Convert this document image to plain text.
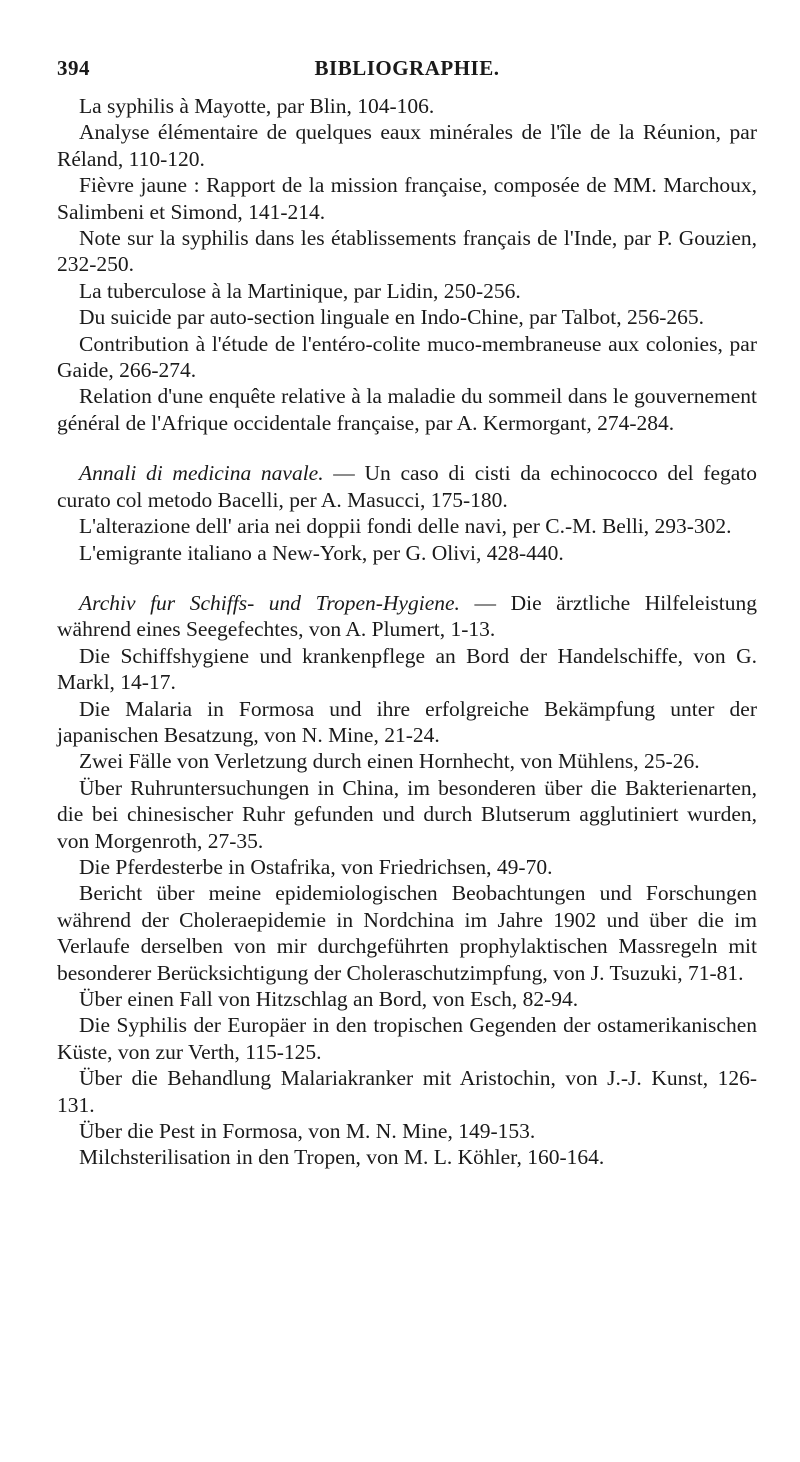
394	BIBLIOGRAPHIE.

La syphilis à Mayotte, par Blin, 104-106.

Analyse élémentaire de quelques eaux minérales de l'île de la Réunion, par Réland, 110-120.

Fièvre jaune : Rapport de la mission française, composée de MM. Marchoux, Salimbeni et Simond, 141-214.

Note sur la syphilis dans les établissements français de l'Inde, par P. Gouzien, 232-250.

La tuberculose à la Martinique, par Lidin, 250-256.

Du suicide par auto-section linguale en Indo-Chine, par Talbot, 256-265.

Contribution à l'étude de l'entéro-colite muco-membraneuse aux colonies, par Gaide, 266-274.

Relation d'une enquête relative à la maladie du sommeil dans le gouvernement général de l'Afrique occidentale française, par A. Kermorgant, 274-284.

Annali di medicina navale. — Un caso di cisti da echinococco del fegato curato col metodo Bacelli, per A. Masucci, 175-180.

L'alterazione dell' aria nei doppii fondi delle navi, per C.-M. Belli, 293-302.

L'emigrante italiano a New-York, per G. Olivi, 428-440.

Archiv fur Schiffs- und Tropen-Hygiene. — Die ärztliche Hilfeleistung während eines Seegefechtes, von A. Plumert, 1-13.

Die Schiffshygiene und krankenpflege an Bord der Handelschiffe, von G. Markl, 14-17.

Die Malaria in Formosa und ihre erfolgreiche Bekämpfung unter der japanischen Besatzung, von N. Mine, 21-24.

Zwei Fälle von Verletzung durch einen Hornhecht, von Mühlens, 25-26.

Über Ruhruntersuchungen in China, im besonderen über die Bakterienarten, die bei chinesischer Ruhr gefunden und durch Blutserum agglutiniert wurden, von Morgenroth, 27-35.

Die Pferdesterbe in Ostafrika, von Friedrichsen, 49-70.

Bericht über meine epidemiologischen Beobachtungen und Forschungen während der Choleraepidemie in Nordchina im Jahre 1902 und über die im Verlaufe derselben von mir durchgeführten prophylaktischen Massregeln mit besonderer Berücksichtigung der Choleraschutzimpfung, von J. Tsuzuki, 71-81.

Über einen Fall von Hitzschlag an Bord, von Esch, 82-94.

Die Syphilis der Europäer in den tropischen Gegenden der ostamerikanischen Küste, von zur Verth, 115-125.

Über die Behandlung Malariakranker mit Aristochin, von J.-J. Kunst, 126-131.

Über die Pest in Formosa, von M. N. Mine, 149-153.

Milchsterilisation in den Tropen, von M. L. Köhler, 160-164.
